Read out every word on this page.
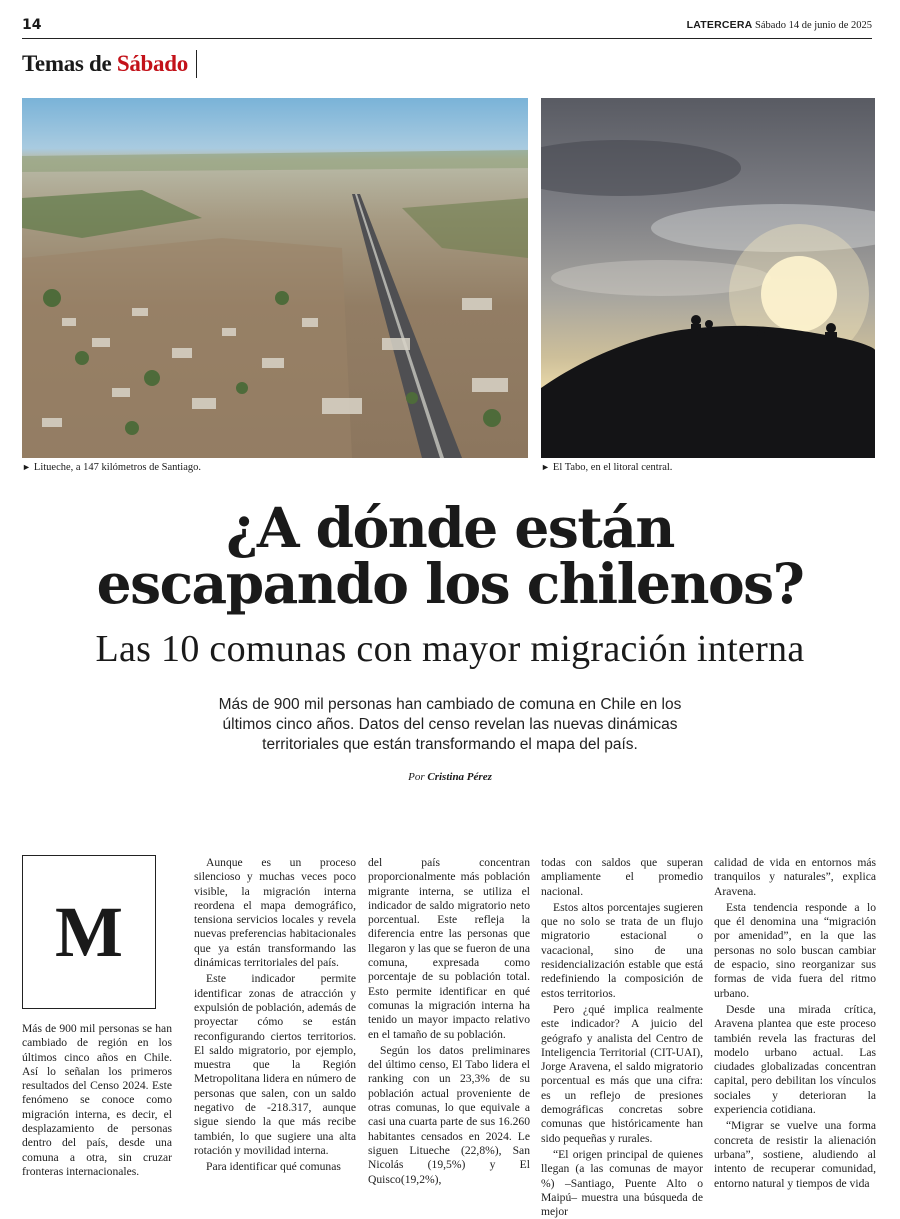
14	LATERCERA Sábado 14 de junio de 2025
Temas de Sábado
► Litueche, a 147 kilómetros de Santiago.	► El Tabo, en el litoral central.
¿A dónde están
escapando los chilenos?
Las 10 comunas con mayor migración interna
Más de 900 mil personas han cambiado de comuna en Chile en los
últimos cinco años. Datos del censo revelan las nuevas dinámicas
territoriales que están transformando el mapa del país.
Por Cristina Pérez
M

Más de 900 mil personas se han cambiado de región en los últimos cinco años en Chile. Así lo señalan los primeros resultados del Censo 2024. Este fenómeno se conoce como migración interna, es decir, el desplazamiento de personas dentro del país, desde una comuna a otra, sin cruzar fronteras internacionales.

Aunque es un proceso silencioso y muchas veces poco visible, la migración interna reordena el mapa demográfico, tensiona servicios locales y revela nuevas preferencias habitacionales que ya están transformando las dinámicas territoriales del país.

Este indicador permite identificar zonas de atracción y expulsión de población, además de proyectar cómo se están reconfigurando ciertos territorios. El saldo migratorio, por ejemplo, muestra que la Región Metropolitana lidera en número de personas que salen, con un saldo negativo de -218.317, aunque sigue siendo la que más recibe también, lo que sugiere una alta rotación y movilidad interna.

Para identificar qué comunas

del país concentran proporcionalmente más población migrante interna, se utiliza el indicador de saldo migratorio neto porcentual. Este refleja la diferencia entre las personas que llegaron y las que se fueron de una comuna, expresada como porcentaje de su población total. Esto permite identificar en qué comunas la migración interna ha tenido un mayor impacto relativo en el tamaño de su población.

Según los datos preliminares del último censo, El Tabo lidera el ranking con un 23,3% de su población actual proveniente de otras comunas, lo que equivale a casi una cuarta parte de sus 16.260 habitantes censados en 2024. Le siguen Litueche (22,8%), San Nicolás (19,5%) y El Quisco(19,2%),

todas con saldos que superan ampliamente el promedio nacional.

Estos altos porcentajes sugieren que no solo se trata de un flujo migratorio estacional o vacacional, sino de una residencialización estable que está redefiniendo la composición de estos territorios.

Pero ¿qué implica realmente este indicador? A juicio del geógrafo y analista del Centro de Inteligencia Territorial (CIT-UAI), Jorge Aravena, el saldo migratorio porcentual es más que una cifra: es un reflejo de presiones demográficas concretas sobre comunas que históricamente han sido pequeñas y rurales.

“El origen principal de quienes llegan (a las comunas de mayor %) –Santiago, Puente Alto o Maipú– muestra una búsqueda de mejor

calidad de vida en entornos más tranquilos y naturales”, explica Aravena.

Esta tendencia responde a lo que él denomina una “migración por amenidad”, en la que las personas no solo buscan cambiar de espacio, sino reorganizar sus formas de vida fuera del ritmo urbano.

Desde una mirada crítica, Aravena plantea que este proceso también revela las fracturas del modelo urbano actual. Las ciudades globalizadas concentran capital, pero debilitan los vínculos sociales y deterioran la experiencia cotidiana.

“Migrar se vuelve una forma concreta de resistir la alienación urbana”, sostiene, aludiendo al intento de recuperar comunidad, entorno natural y tiempos de vida
